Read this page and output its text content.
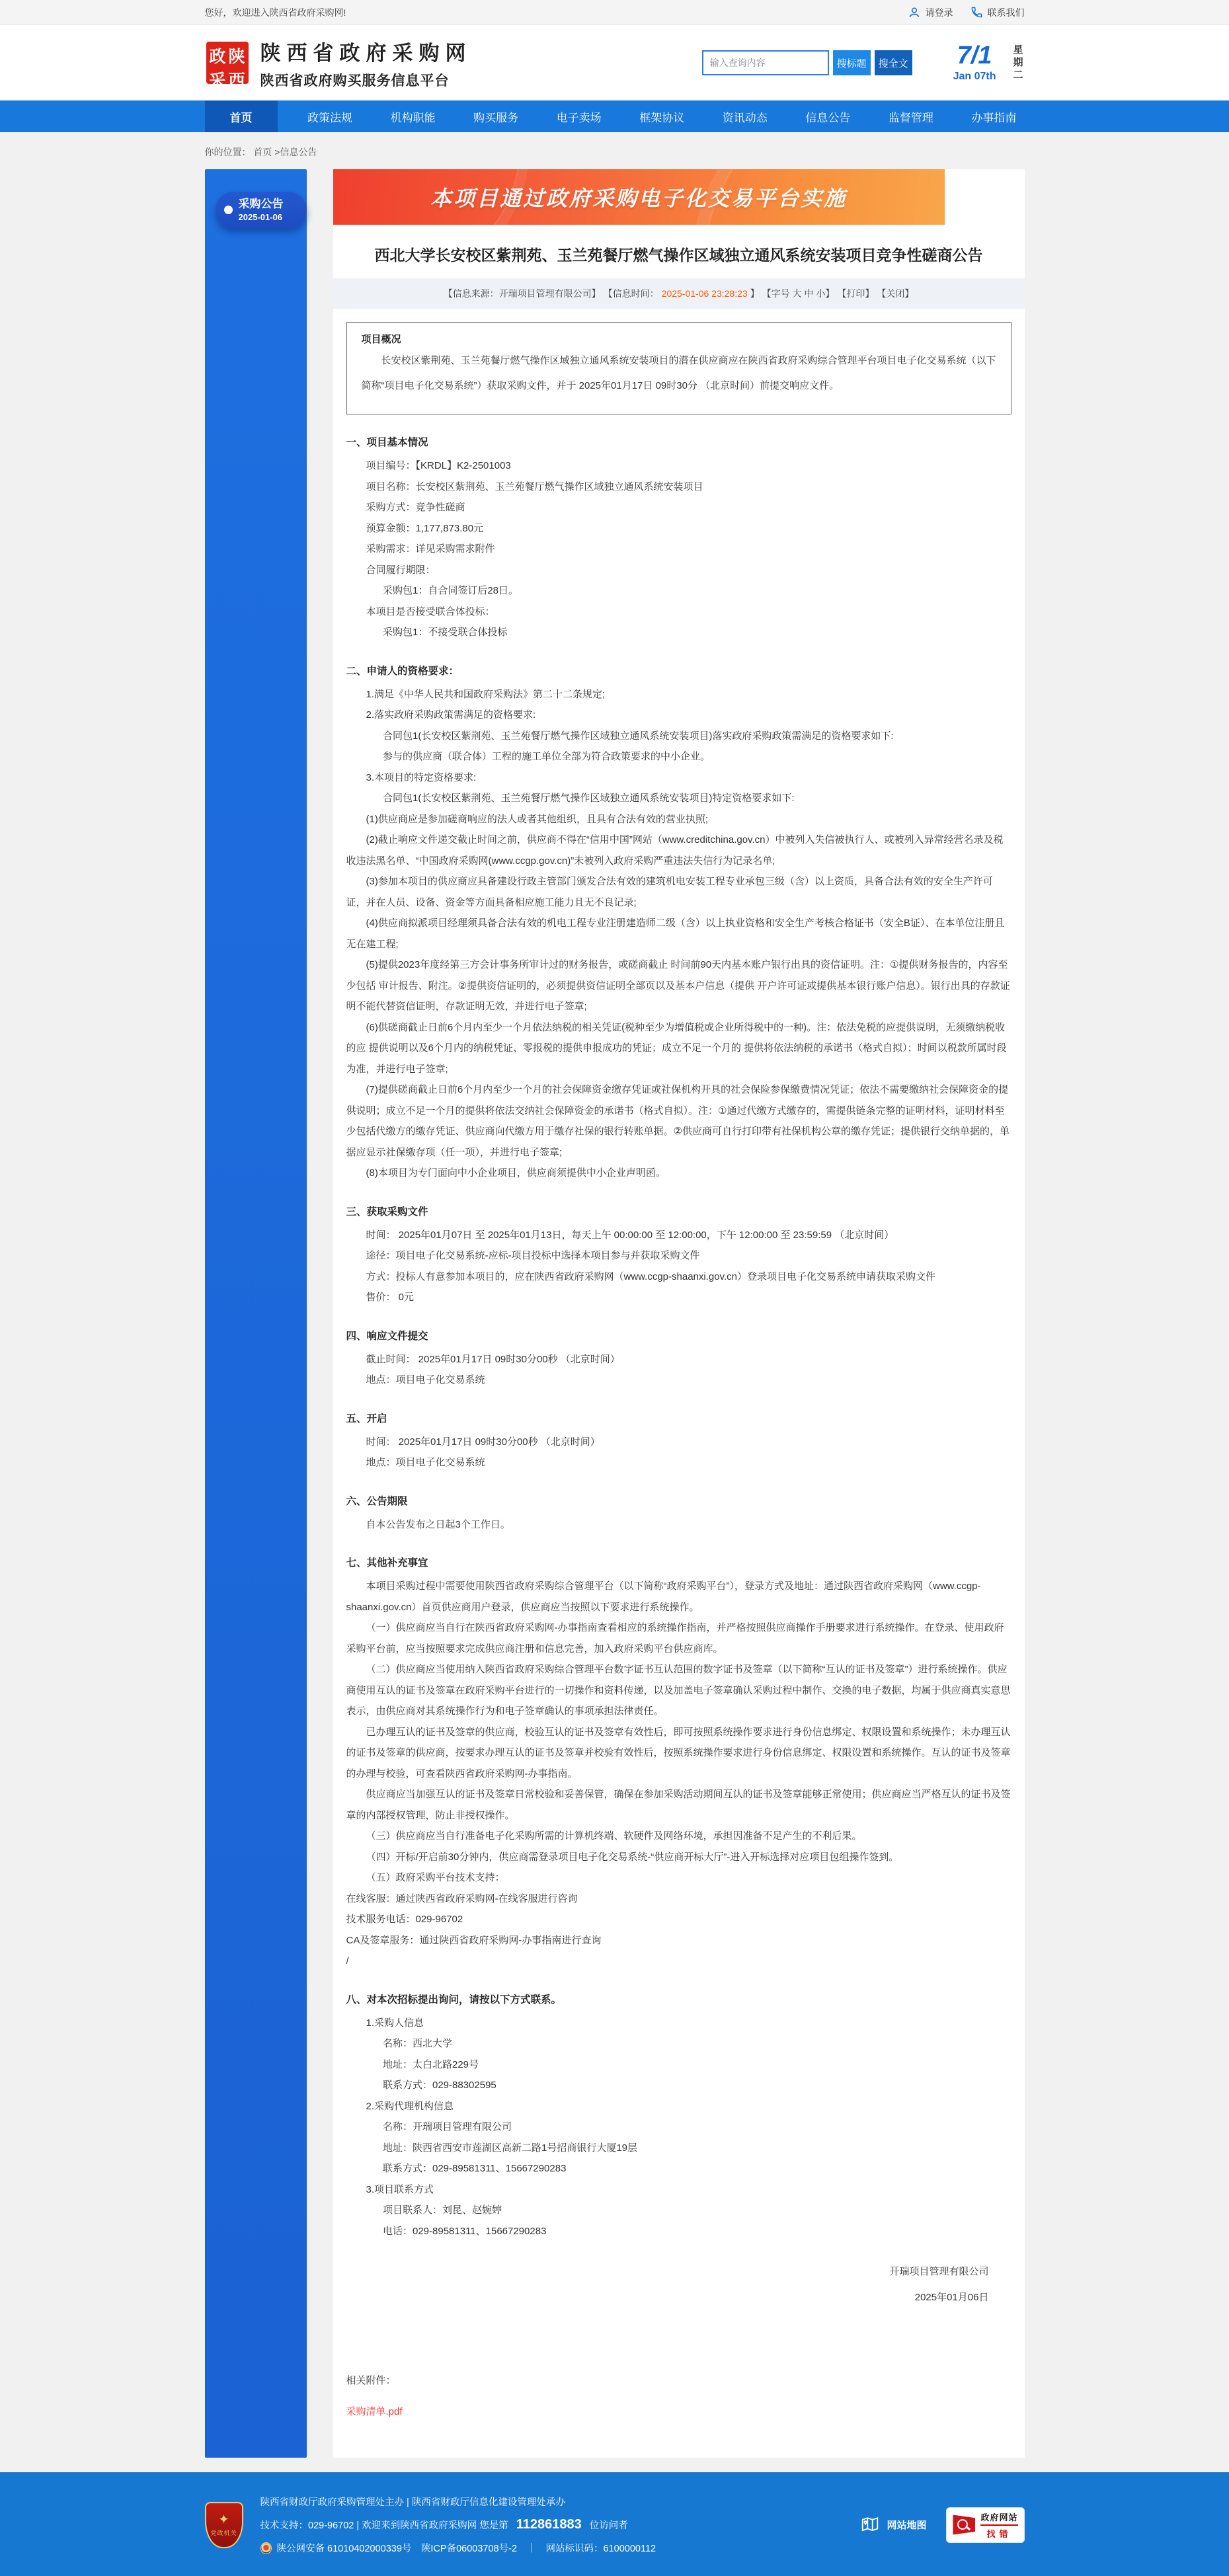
您好，欢迎进入陕西省政府采购网!	请登录	联系我们
政 陕
采 西
陕西省政府采购网
陕西省政府购买服务信息平台
输入查询内容
搜标题	搜全文 7/1
Jan 07th 星期二
首页	政策法规	机构职能	购买服务	电子卖场	框架协议	资讯动态	信息公告	监督管理	办事指南
你的位置： 首页 >信息公告
采购公告
2025-01-06
本项目通过政府采购电子化交易平台实施
西北大学长安校区紫荆苑、玉兰苑餐厅燃气操作区域独立通风系统安装项目竞争性磋商公告
【信息来源：开瑞项目管理有限公司】 【信息时间： 2025-01-06 23:28:23 】 【字号 大 中 小】 【打印】 【关闭】
项目概况

长安校区紫荆苑、玉兰苑餐厅燃气操作区域独立通风系统安装项目的潜在供应商应在陕西省政府采购综合管理平台项目电子化交易系统（以下简称“项目电子化交易系统”）获取采购文件，并于 2025年01月17日 09时30分 （北京时间）前提交响应文件。

一、项目基本情况

项目编号：【KRDL】K2-2501003

项目名称：长安校区紫荆苑、玉兰苑餐厅燃气操作区域独立通风系统安装项目

采购方式：竞争性磋商

预算金额：1,177,873.80元

采购需求：详见采购需求附件

合同履行期限：

采购包1：自合同签订后28日。

本项目是否接受联合体投标：

采购包1：不接受联合体投标

二、申请人的资格要求：

1.满足《中华人民共和国政府采购法》第二十二条规定;

2.落实政府采购政策需满足的资格要求:

合同包1(长安校区紫荆苑、玉兰苑餐厅燃气操作区域独立通风系统安装项目)落实政府采购政策需满足的资格要求如下:

参与的供应商（联合体）工程的施工单位全部为符合政策要求的中小企业。

3.本项目的特定资格要求:

合同包1(长安校区紫荆苑、玉兰苑餐厅燃气操作区域独立通风系统安装项目)特定资格要求如下:

(1)供应商应是参加磋商响应的法人或者其他组织，且具有合法有效的营业执照;

(2)截止响应文件递交截止时间之前，供应商不得在“信用中国”网站（www.creditchina.gov.cn）中被列入失信被执行人、或被列入异常经营名录及税收违法黑名单、“中国政府采购网(www.ccgp.gov.cn)”未被列入政府采购严重违法失信行为记录名单;

(3)参加本项目的供应商应具备建设行政主管部门颁发合法有效的建筑机电安装工程专业承包三级（含）以上资质，具备合法有效的安全生产许可证，并在人员、设备、资金等方面具备相应施工能力且无不良记录;

(4)供应商拟派项目经理须具备合法有效的机电工程专业注册建造师二级（含）以上执业资格和安全生产考核合格证书（安全B证）、在本单位注册且无在建工程;

(5)提供2023年度经第三方会计事务所审计过的财务报告，或磋商截止 时间前90天内基本账户银行出具的资信证明。注：①提供财务报告的，内容至少包括 审计报告、附注。②提供资信证明的，必须提供资信证明全部页以及基本户信息（提供 开户许可证或提供基本银行账户信息）。银行出具的存款证明不能代替资信证明，存款证明无效，并进行电子签章;

(6)供磋商截止日前6个月内至少一个月依法纳税的相关凭证(税种至少为增值税或企业所得税中的一种)。注：依法免税的应提供说明，无须缴纳税收的应 提供说明以及6个月内的纳税凭证、零报税的提供申报成功的凭证；成立不足一个月的 提供将依法纳税的承诺书（格式自拟）；时间以税款所属时段为准，并进行电子签章;

(7)提供磋商截止日前6个月内至少一个月的社会保障资金缴存凭证或社保机构开具的社会保险参保缴费情况凭证；依法不需要缴纳社会保障资金的提供说明；成立不足一个月的提供将依法交纳社会保障资金的承诺书（格式自拟）。注：①通过代缴方式缴存的，需提供链条完整的证明材料，证明材料至少包括代缴方的缴存凭证、供应商向代缴方用于缴存社保的银行转账单据。②供应商可自行打印带有社保机构公章的缴存凭证；提供银行交纳单据的，单据应显示社保缴存项（任一项），并进行电子签章;

(8)本项目为专门面向中小企业项目，供应商须提供中小企业声明函。

三、获取采购文件

时间： 2025年01月07日 至 2025年01月13日，每天上午 00:00:00 至 12:00:00，下午 12:00:00 至 23:59:59 （北京时间）

途径：项目电子化交易系统-应标-项目投标中选择本项目参与并获取采购文件

方式：投标人有意参加本项目的，应在陕西省政府采购网（www.ccgp-shaanxi.gov.cn）登录项目电子化交易系统申请获取采购文件

售价： 0元

四、响应文件提交

截止时间： 2025年01月17日 09时30分00秒 （北京时间）

地点：项目电子化交易系统

五、开启

时间： 2025年01月17日 09时30分00秒 （北京时间）

地点：项目电子化交易系统

六、公告期限

自本公告发布之日起3个工作日。

七、其他补充事宜

本项目采购过程中需要使用陕西省政府采购综合管理平台（以下简称“政府采购平台”），登录方式及地址：通过陕西省政府采购网（www.ccgp-shaanxi.gov.cn）首页供应商用户登录，供应商应当按照以下要求进行系统操作。

（一）供应商应当自行在陕西省政府采购网-办事指南查看相应的系统操作指南，并严格按照供应商操作手册要求进行系统操作。在登录、使用政府采购平台前，应当按照要求完成供应商注册和信息完善，加入政府采购平台供应商库。

（二）供应商应当使用纳入陕西省政府采购综合管理平台数字证书互认范围的数字证书及签章（以下简称“互认的证书及签章”）进行系统操作。供应商使用互认的证书及签章在政府采购平台进行的一切操作和资料传递，以及加盖电子签章确认采购过程中制作、交换的电子数据，均属于供应商真实意思表示，由供应商对其系统操作行为和电子签章确认的事项承担法律责任。

已办理互认的证书及签章的供应商，校验互认的证书及签章有效性后，即可按照系统操作要求进行身份信息绑定、权限设置和系统操作；未办理互认的证书及签章的供应商，按要求办理互认的证书及签章并校验有效性后，按照系统操作要求进行身份信息绑定、权限设置和系统操作。互认的证书及签章的办理与校验，可查看陕西省政府采购网-办事指南。

供应商应当加强互认的证书及签章日常校验和妥善保管，确保在参加采购活动期间互认的证书及签章能够正常使用；供应商应当严格互认的证书及签章的内部授权管理，防止非授权操作。

（三）供应商应当自行准备电子化采购所需的计算机终端、软硬件及网络环境，承担因准备不足产生的不利后果。

（四）开标/开启前30分钟内，供应商需登录项目电子化交易系统-“供应商开标大厅”-进入开标选择对应项目包组操作签到。

（五）政府采购平台技术支持：

在线客服：通过陕西省政府采购网-在线客服进行咨询

技术服务电话：029-96702

CA及签章服务：通过陕西省政府采购网-办事指南进行查询

/

八、对本次招标提出询问，请按以下方式联系。

1.采购人信息

名称：西北大学

地址：太白北路229号

联系方式：029-88302595

2.采购代理机构信息

名称：开瑞项目管理有限公司

地址：陕西省西安市莲湖区高新二路1号招商银行大厦19层

联系方式：029-89581311、15667290283

3.项目联系方式

项目联系人：刘昆、赵婉婷

电话：029-89581311、15667290283

开瑞项目管理有限公司
2025年01月06日
相关附件：
采购清单.pdf
✦
党政机关
陕西省财政厅政府采购管理处主办 | 陕西省财政厅信息化建设管理处承办
技术支持：029-96702 | 欢迎来到陕西省政府采购网 您是第 112861883 位访问者
陕公网安备 61010402000339号　陕ICP备06003708号-2　｜　网站标识码：6100000112
网站地图
政府网站
找错
